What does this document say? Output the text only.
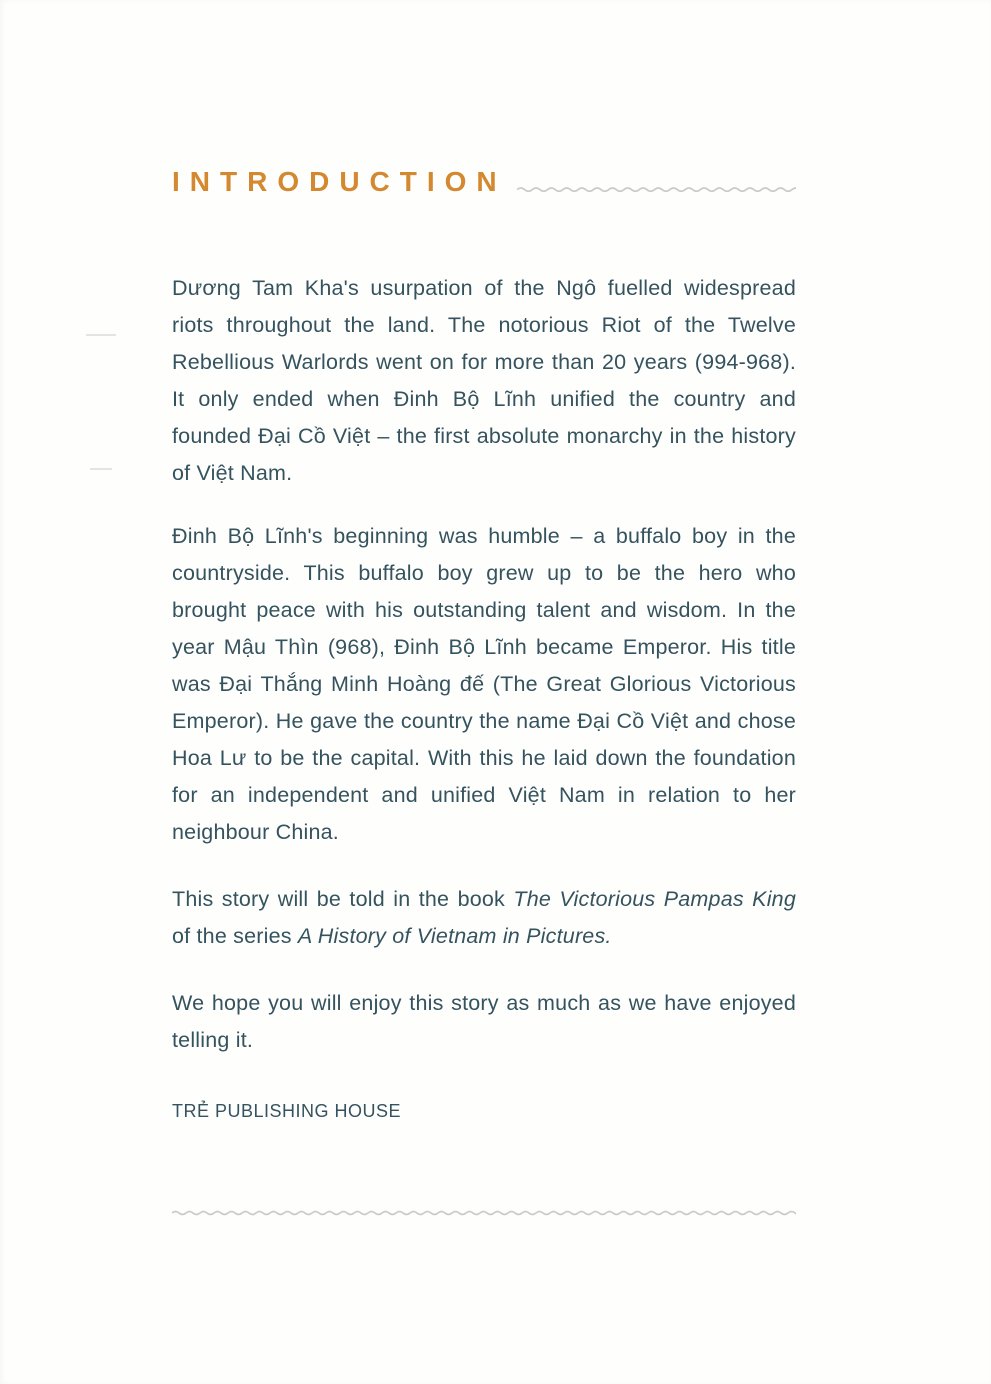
INTRODUCTION

Dương Tam Kha's usurpation of the Ngô fuelled widespread riots throughout the land. The notorious Riot of the Twelve Rebellious Warlords went on for more than 20 years (994-968). It only ended when Đinh Bộ Lĩnh unified the country and founded Đại Cồ Việt – the first absolute monarchy in the history of Việt Nam.

Đinh Bộ Lĩnh's beginning was humble – a buffalo boy in the countryside. This buffalo boy grew up to be the hero who brought peace with his outstanding talent and wisdom. In the year Mậu Thìn (968), Đinh Bộ Lĩnh became Emperor. His title was Đại Thắng Minh Hoàng đế (The Great Glorious Victorious Emperor). He gave the country the name Đại Cồ Việt and chose Hoa Lư to be the capital. With this he laid down the foundation for an independent and unified Việt Nam in relation to her neighbour China.

This story will be told in the book The Victorious Pampas King of the series A History of Vietnam in Pictures.

We hope you will enjoy this story as much as we have enjoyed telling it.

TRẺ PUBLISHING HOUSE
